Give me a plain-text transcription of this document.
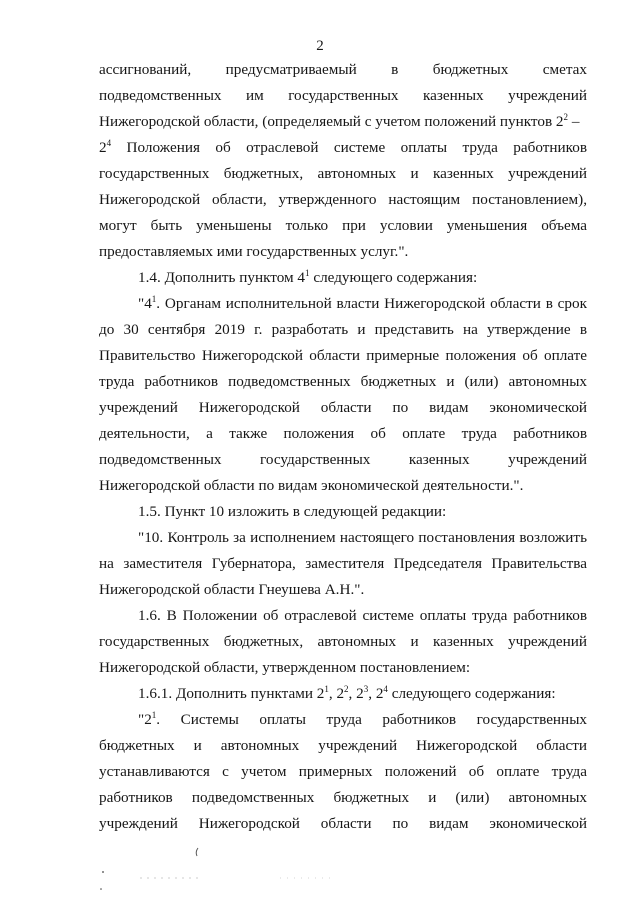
2
ассигнований, предусматриваемый в бюджетных сметах
подведомственных им государственных казенных учреждений
Нижегородской области, (определяемый с учетом положений пунктов $2^2$ –
$2^4$ Положения об отраслевой системе оплаты труда работников
государственных бюджетных, автономных и казенных учреждений
Нижегородской области, утвержденного настоящим постановлением),
могут быть уменьшены только при условии уменьшения объема
предоставляемых ими государственных услуг.".
1.4. Дополнить пунктом $4^1$ следующего содержания:
"$4^1$. Органам исполнительной власти Нижегородской области в срок
до 30 сентября 2019 г. разработать и представить на утверждение в
Правительство Нижегородской области примерные положения об оплате
труда работников подведомственных бюджетных и (или) автономных
учреждений Нижегородской области по видам экономической
деятельности, а также положения об оплате труда работников
подведомственных	государственных	казенных	учреждений
Нижегородской области по видам экономической деятельности.".
1.5. Пункт 10 изложить в следующей редакции:
"10. Контроль за исполнением настоящего постановления возложить
на заместителя Губернатора, заместителя Председателя Правительства
Нижегородской области Гнеушева А.Н.".
1.6. В Положении об отраслевой системе оплаты труда работников
государственных бюджетных, автономных и казенных учреждений
Нижегородской области, утвержденном постановлением:
1.6.1. Дополнить пунктами $2^1$, $2^2$, $2^3$, $2^4$ следующего содержания:
"$2^1$. Системы оплаты труда работников государственных
бюджетных и автономных учреждений Нижегородской области
устанавливаются с учетом примерных положений об оплате труда
работников подведомственных бюджетных и (или) автономных
учреждений Нижегородской области по видам экономической
